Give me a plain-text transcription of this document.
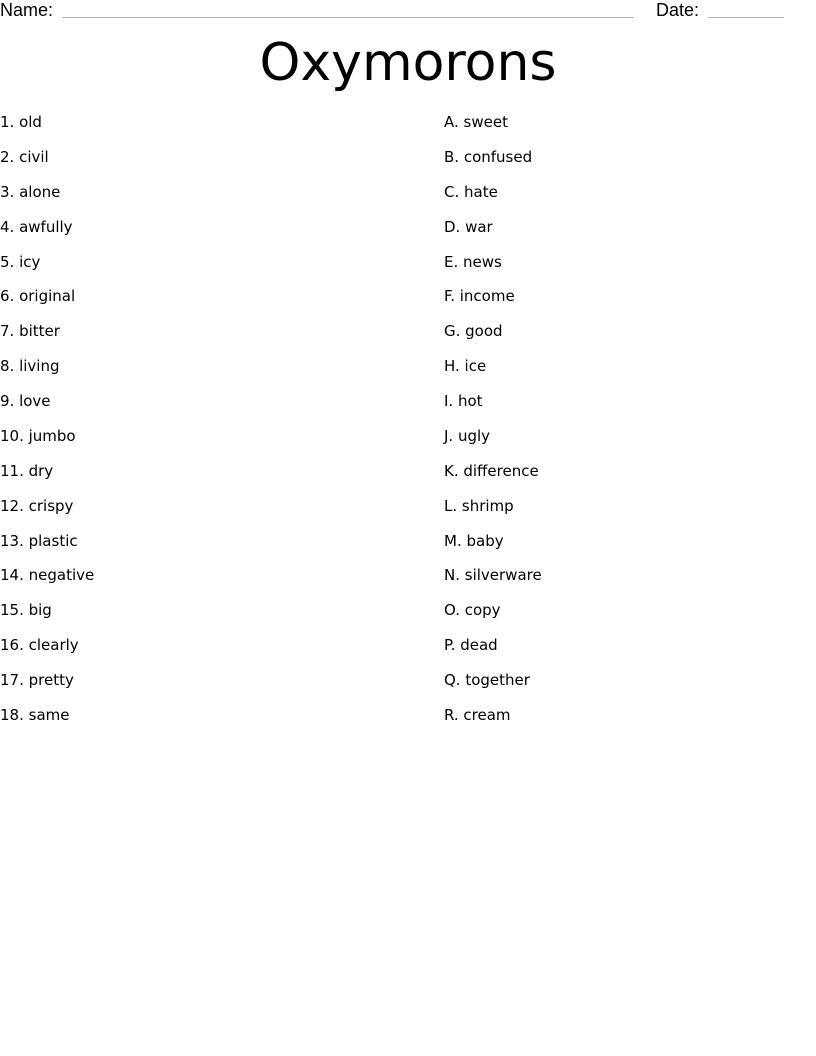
Name:	Date:
Oxymorons
1. old
2. civil
3. alone
4. awfully
5. icy
6. original
7. bitter
8. living
9. love
10. jumbo
11. dry
12. crispy
13. plastic
14. negative
15. big
16. clearly
17. pretty
18. same
A. sweet
B. confused
C. hate
D. war
E. news
F. income
G. good
H. ice
I. hot
J. ugly
K. difference
L. shrimp
M. baby
N. silverware
O. copy
P. dead
Q. together
R. cream
